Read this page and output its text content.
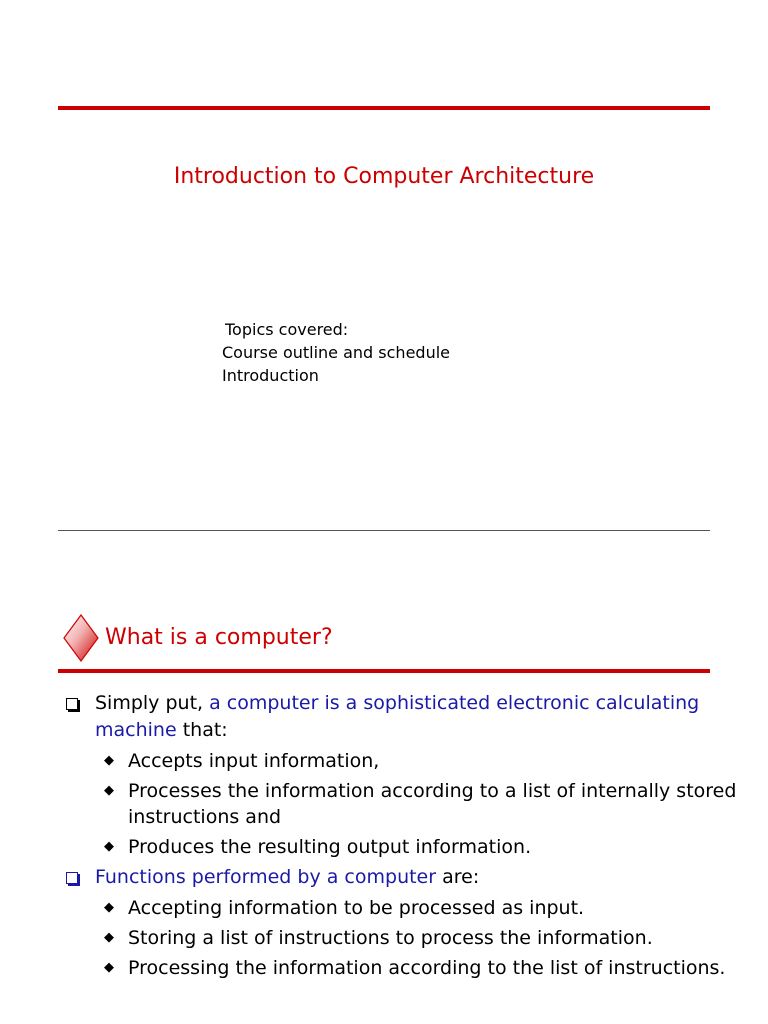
Introduction to Computer Architecture
Topics covered:
Course outline and schedule
Introduction
What is a computer?
Simply put, a computer is a sophisticated electronic calculating machine that:
◆ Accepts input information,
◆ Processes the information according to a list of internally stored instructions and
◆ Produces the resulting output information.
Functions performed by a computer are:
◆ Accepting information to be processed as input.
◆ Storing a list of instructions to process the information.
◆ Processing the information according to the list of instructions.
